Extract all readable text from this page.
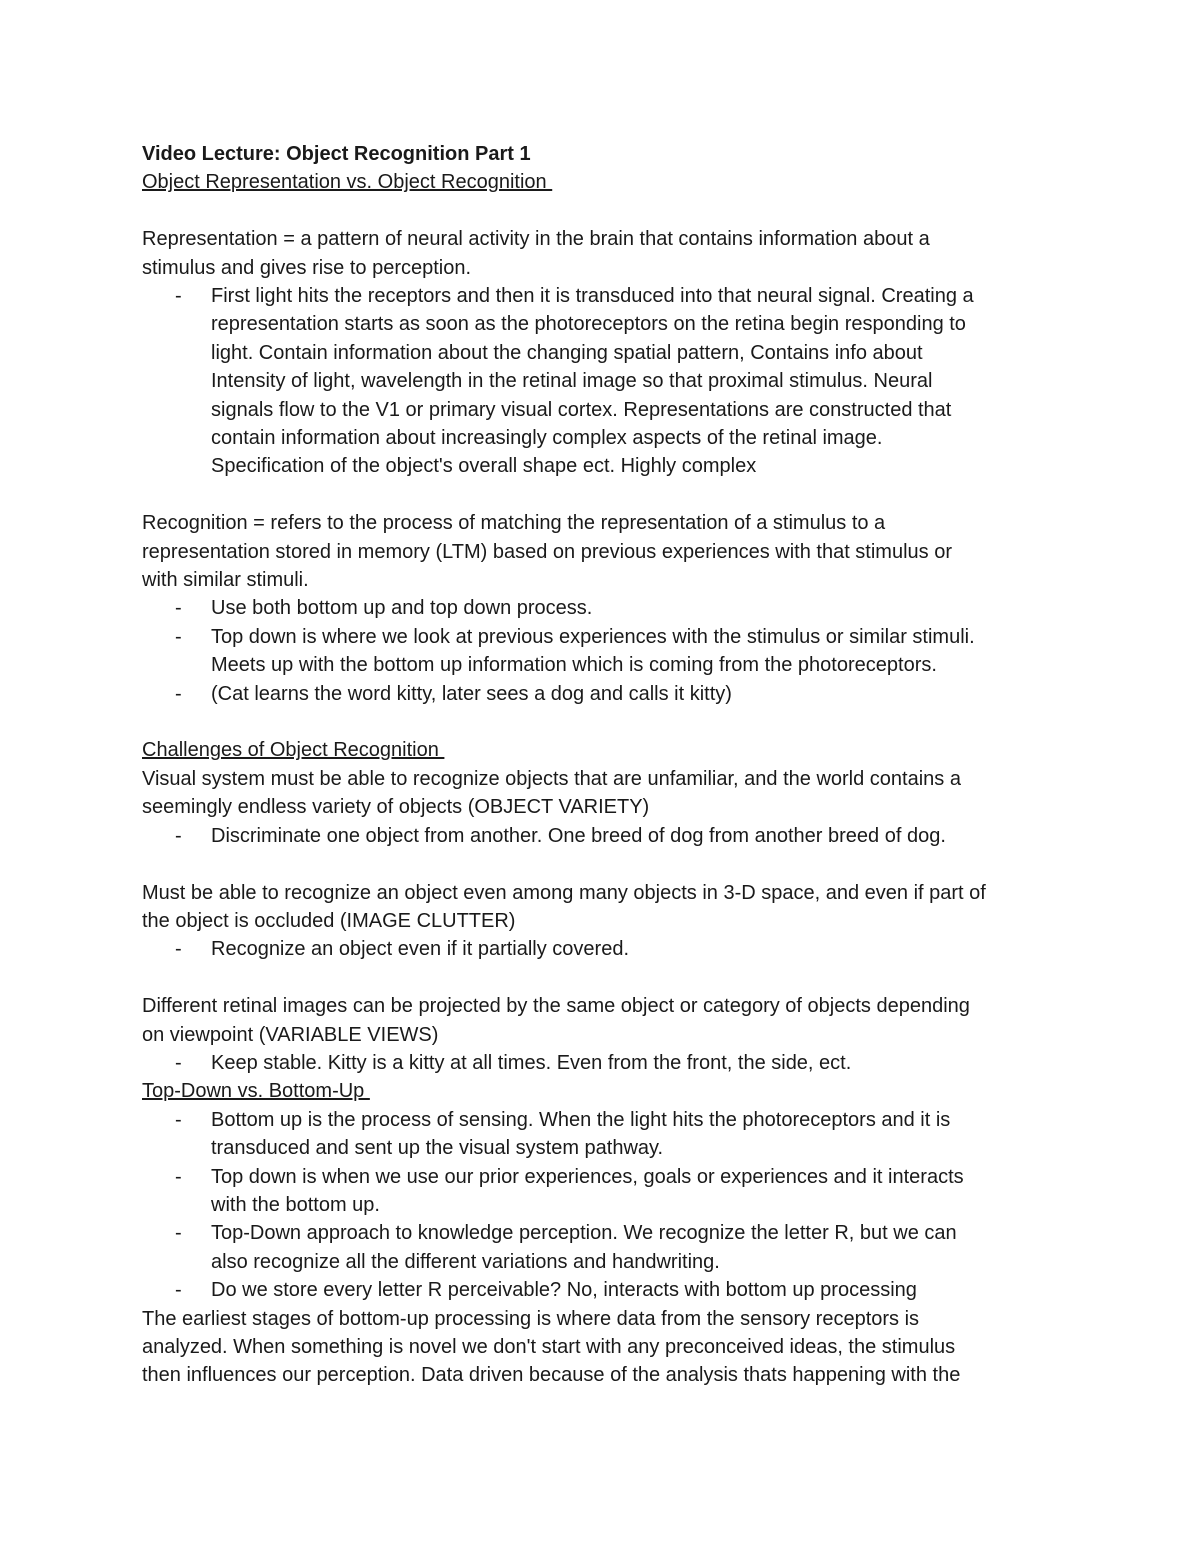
Video Lecture: Object Recognition Part 1

Object Representation vs. Object Recognition

Representation = a pattern of neural activity in the brain that contains information about a

stimulus and gives rise to perception.

- First light hits the receptors and then it is transduced into that neural signal. Creating a
representation starts as soon as the photoreceptors on the retina begin responding to
light. Contain information about the changing spatial pattern, Contains info about
Intensity of light, wavelength in the retinal image so that proximal stimulus. Neural
signals flow to the V1 or primary visual cortex. Representations are constructed that
contain information about increasingly complex aspects of the retinal image.
Specification of the object's overall shape ect. Highly complex

Recognition = refers to the process of matching the representation of a stimulus to a

representation stored in memory (LTM) based on previous experiences with that stimulus or

with similar stimuli.

- Use both bottom up and top down process.
- Top down is where we look at previous experiences with the stimulus or similar stimuli.
Meets up with the bottom up information which is coming from the photoreceptors.
- (Cat learns the word kitty, later sees a dog and calls it kitty)

Challenges of Object Recognition

Visual system must be able to recognize objects that are unfamiliar, and the world contains a

seemingly endless variety of objects (OBJECT VARIETY)

- Discriminate one object from another. One breed of dog from another breed of dog.

Must be able to recognize an object even among many objects in 3-D space, and even if part of

the object is occluded (IMAGE CLUTTER)

- Recognize an object even if it partially covered.

Different retinal images can be projected by the same object or category of objects depending

on viewpoint (VARIABLE VIEWS)

- Keep stable. Kitty is a kitty at all times. Even from the front, the side, ect.

Top-Down vs. Bottom-Up

- Bottom up is the process of sensing. When the light hits the photoreceptors and it is
transduced and sent up the visual system pathway.
- Top down is when we use our prior experiences, goals or experiences and it interacts
with the bottom up.
- Top-Down approach to knowledge perception. We recognize the letter R, but we can
also recognize all the different variations and handwriting.
- Do we store every letter R perceivable? No, interacts with bottom up processing

The earliest stages of bottom-up processing is where data from the sensory receptors is

analyzed. When something is novel we don't start with any preconceived ideas, the stimulus

then influences our perception. Data driven because of the analysis thats happening with the
